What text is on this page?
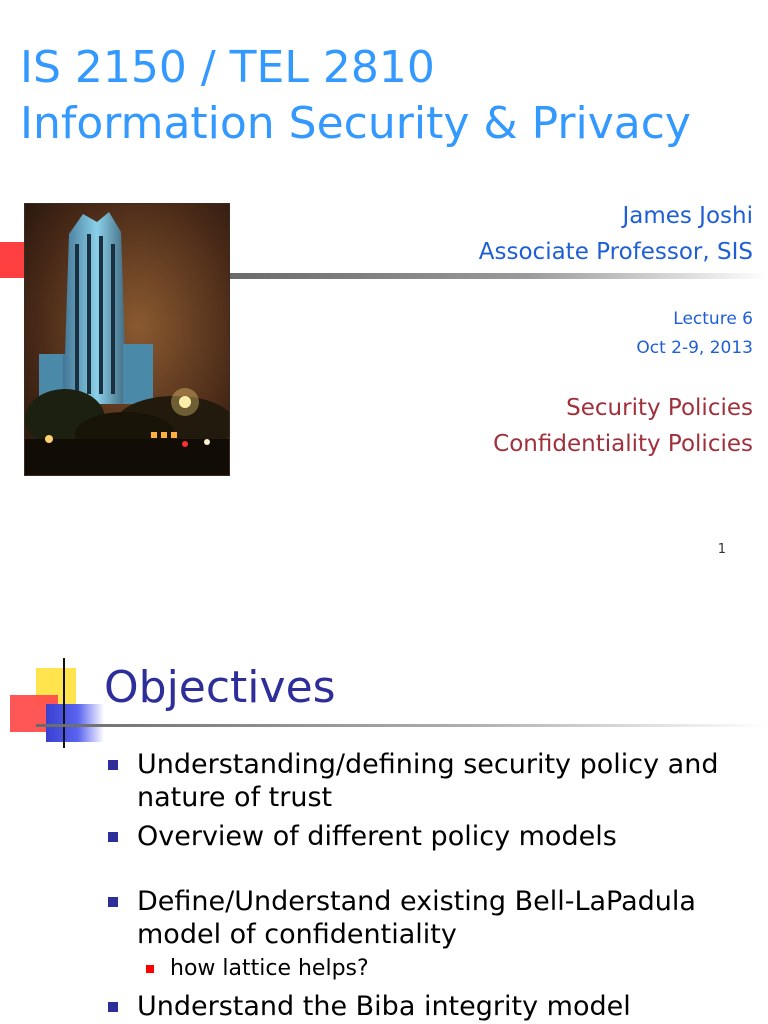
IS 2150 / TEL 2810
Information Security & Privacy
James Joshi
Associate Professor, SIS
Lecture 6
Oct 2-9, 2013
Security Policies
Confidentiality Policies
1
Objectives
Understanding/defining security policy and nature of trust
Overview of different policy models
Define/Understand existing Bell-LaPadula model of confidentiality
how lattice helps?
Understand the Biba integrity model
